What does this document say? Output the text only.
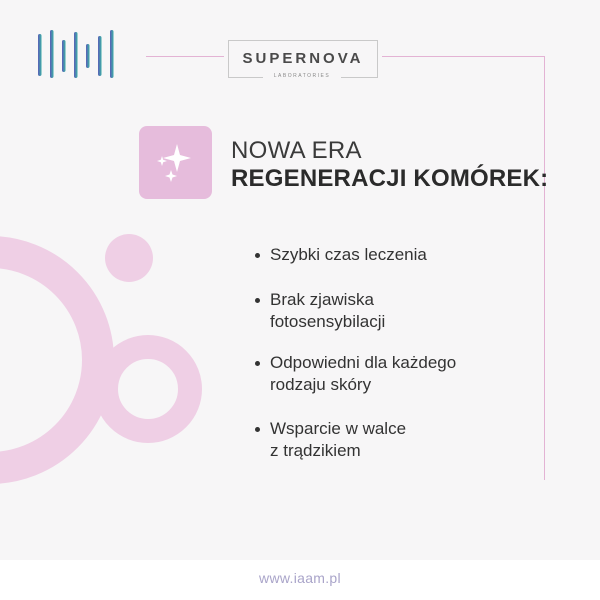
SUPERNOVA
LABORATORIES
NOWA ERA
REGENERACJI KOMÓREK:
Szybki czas leczenia
Brak zjawiska
fotosensybilacji
Odpowiedni dla każdego
rodzaju skóry
Wsparcie w walce
z trądzikiem
www.iaam.pl
